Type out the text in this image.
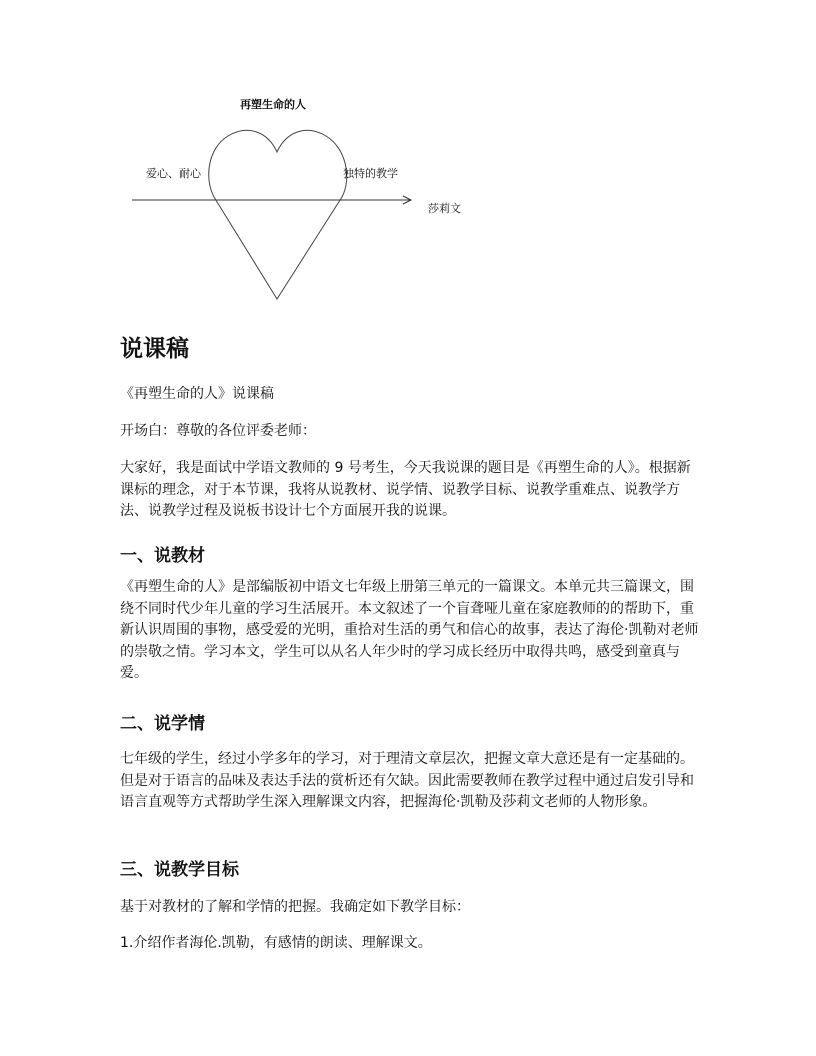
再塑生命的人
爱心、耐心	独特的教学
莎莉文
说课稿

《再塑生命的人》说课稿

开场白：尊敬的各位评委老师：

大家好，我是面试中学语文教师的 9 号考生，今天我说课的题目是《再塑生命的人》。根据新课标的理念，对于本节课，我将从说教材、说学情、说教学目标、说教学重难点、说教学方法、说教学过程及说板书设计七个方面展开我的说课。

一、说教材

《再塑生命的人》是部编版初中语文七年级上册第三单元的一篇课文。本单元共三篇课文，围绕不同时代少年儿童的学习生活展开。本文叙述了一个盲聋哑儿童在家庭教师的的帮助下，重新认识周围的事物，感受爱的光明，重拾对生活的勇气和信心的故事，表达了海伦·凯勒对老师的崇敬之情。学习本文，学生可以从名人年少时的学习成长经历中取得共鸣，感受到童真与爱。

二、说学情

七年级的学生，经过小学多年的学习，对于理清文章层次，把握文章大意还是有一定基础的。但是对于语言的品味及表达手法的赏析还有欠缺。因此需要教师在教学过程中通过启发引导和语言直观等方式帮助学生深入理解课文内容，把握海伦·凯勒及莎莉文老师的人物形象。

三、说教学目标

基于对教材的了解和学情的把握。我确定如下教学目标：

1.介绍作者海伦.凯勒，有感情的朗读、理解课文。
